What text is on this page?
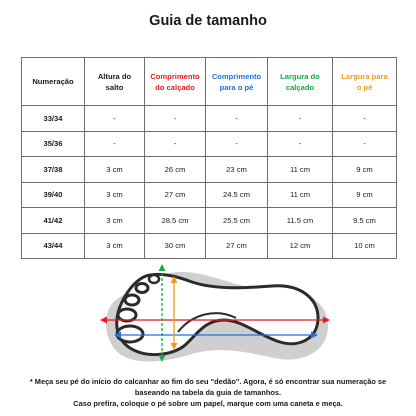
Guia de tamanho
Numeração	Altura do salto	Comprimento do calçado	Comprimento para o pé	Largura do calçado	Largura para o pé
33/34	-	-	-	-	-
35/36	-	-	-	-	-
37/38	3 cm	26 cm	23 cm	11 cm	9 cm
39/40	3 cm	27 cm	24.5 cm	11 cm	9 cm
41/42	3 cm	28.5 cm	25.5 cm	11.5 cm	9.5 cm
43/44	3 cm	30 cm	27 cm	12 cm	10 cm
* Meça seu pé do início do calcanhar ao fim do seu "dedão". Agora, é só encontrar sua numeração se
baseando na tabela da guia de tamanhos.
Caso prefira, coloque o pé sobre um papel, marque com uma caneta e meça.
